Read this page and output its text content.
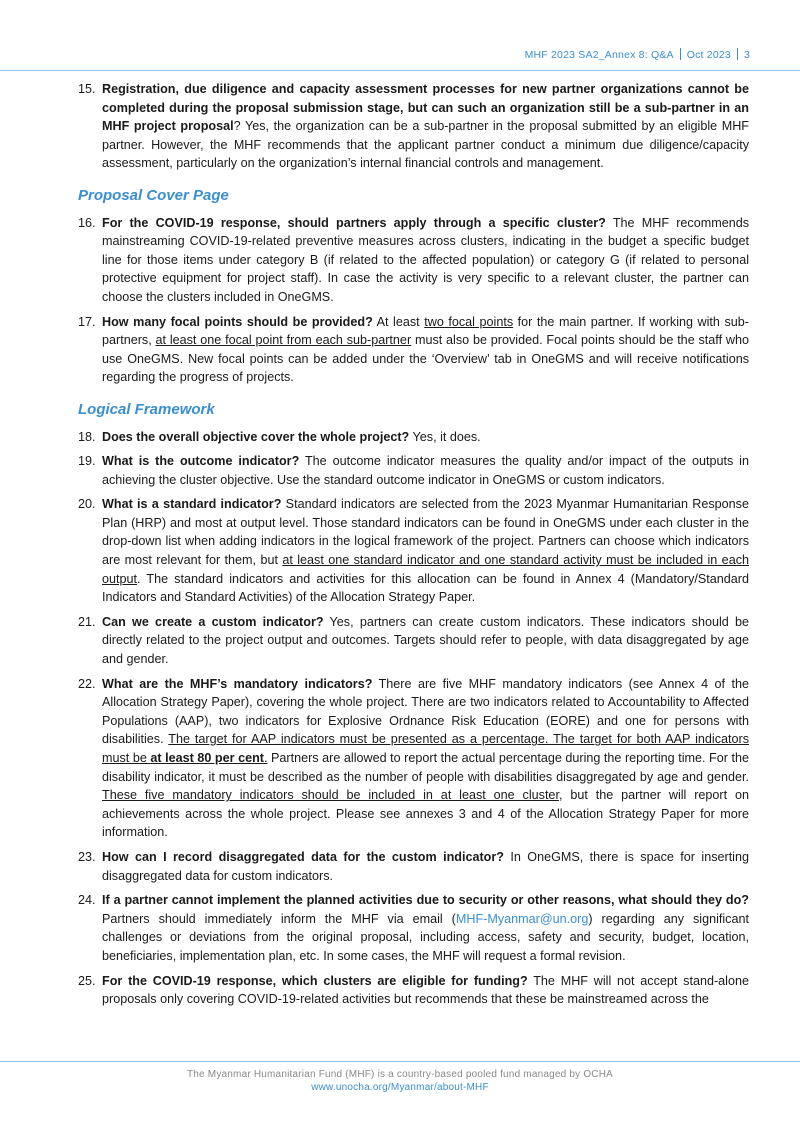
MHF 2023 SA2_Annex 8: Q&A Oct 2023 3
15. Registration, due diligence and capacity assessment processes for new partner organizations cannot be completed during the proposal submission stage, but can such an organization still be a sub-partner in an MHF project proposal? Yes, the organization can be a sub-partner in the proposal submitted by an eligible MHF partner. However, the MHF recommends that the applicant partner conduct a minimum due diligence/capacity assessment, particularly on the organization’s internal financial controls and management.
Proposal Cover Page
16. For the COVID-19 response, should partners apply through a specific cluster? The MHF recommends mainstreaming COVID-19-related preventive measures across clusters, indicating in the budget a specific budget line for those items under category B (if related to the affected population) or category G (if related to personal protective equipment for project staff). In case the activity is very specific to a relevant cluster, the partner can choose the clusters included in OneGMS.
17. How many focal points should be provided? At least two focal points for the main partner. If working with sub-partners, at least one focal point from each sub-partner must also be provided. Focal points should be the staff who use OneGMS. New focal points can be added under the ‘Overview’ tab in OneGMS and will receive notifications regarding the progress of projects.
Logical Framework
18. Does the overall objective cover the whole project? Yes, it does.
19. What is the outcome indicator? The outcome indicator measures the quality and/or impact of the outputs in achieving the cluster objective. Use the standard outcome indicator in OneGMS or custom indicators.
20. What is a standard indicator? Standard indicators are selected from the 2023 Myanmar Humanitarian Response Plan (HRP) and most at output level. Those standard indicators can be found in OneGMS under each cluster in the drop-down list when adding indicators in the logical framework of the project. Partners can choose which indicators are most relevant for them, but at least one standard indicator and one standard activity must be included in each output. The standard indicators and activities for this allocation can be found in Annex 4 (Mandatory/Standard Indicators and Standard Activities) of the Allocation Strategy Paper.
21. Can we create a custom indicator? Yes, partners can create custom indicators. These indicators should be directly related to the project output and outcomes. Targets should refer to people, with data disaggregated by age and gender.
22. What are the MHF’s mandatory indicators? There are five MHF mandatory indicators (see Annex 4 of the Allocation Strategy Paper), covering the whole project. There are two indicators related to Accountability to Affected Populations (AAP), two indicators for Explosive Ordnance Risk Education (EORE) and one for persons with disabilities. The target for AAP indicators must be presented as a percentage. The target for both AAP indicators must be at least 80 per cent. Partners are allowed to report the actual percentage during the reporting time. For the disability indicator, it must be described as the number of people with disabilities disaggregated by age and gender. These five mandatory indicators should be included in at least one cluster, but the partner will report on achievements across the whole project. Please see annexes 3 and 4 of the Allocation Strategy Paper for more information.
23. How can I record disaggregated data for the custom indicator? In OneGMS, there is space for inserting disaggregated data for custom indicators.
24. If a partner cannot implement the planned activities due to security or other reasons, what should they do? Partners should immediately inform the MHF via email (MHF-Myanmar@un.org) regarding any significant challenges or deviations from the original proposal, including access, safety and security, budget, location, beneficiaries, implementation plan, etc. In some cases, the MHF will request a formal revision.
25. For the COVID-19 response, which clusters are eligible for funding? The MHF will not accept stand-alone proposals only covering COVID-19-related activities but recommends that these be mainstreamed across the
The Myanmar Humanitarian Fund (MHF) is a country-based pooled fund managed by OCHA
www.unocha.org/Myanmar/about-MHF
